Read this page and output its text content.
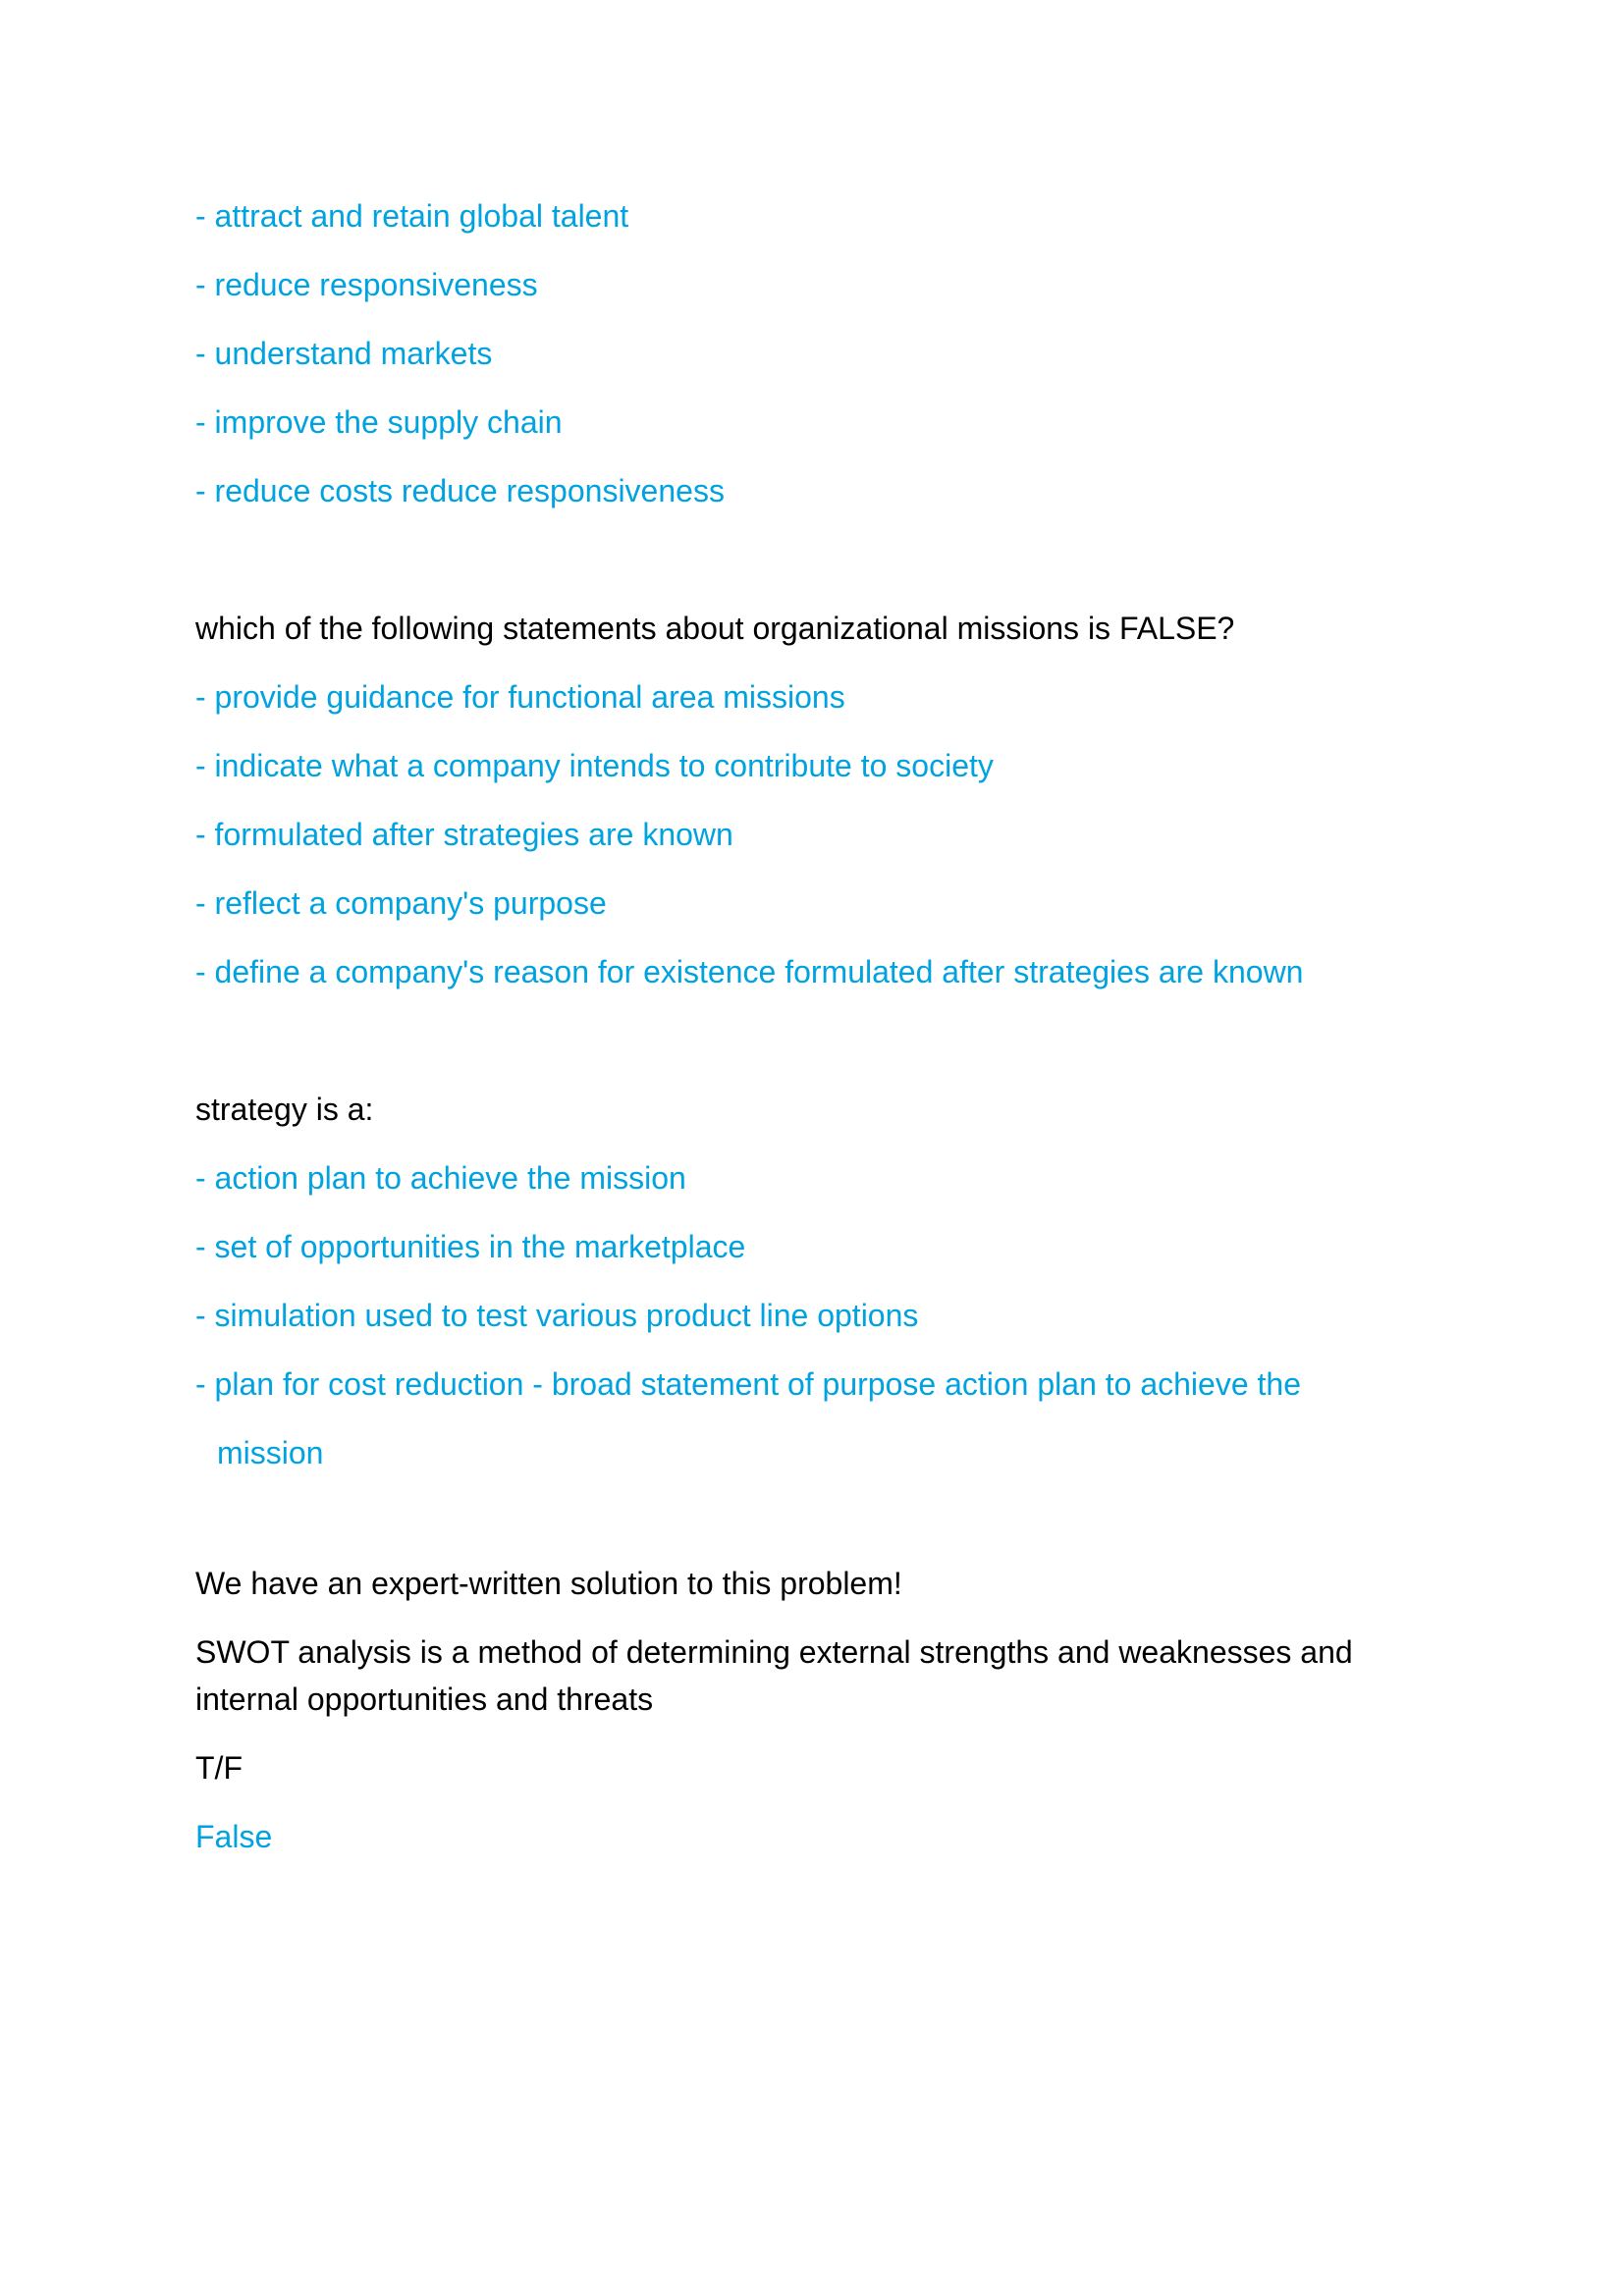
- attract and retain global talent
- reduce responsiveness
- understand markets
- improve the supply chain
- reduce costs reduce responsiveness
which of the following statements about organizational missions is FALSE?
- provide guidance for functional area missions
- indicate what a company intends to contribute to society
- formulated after strategies are known
- reflect a company's purpose
- define a company's reason for existence formulated after strategies are known
strategy is a:
- action plan to achieve the mission
- set of opportunities in the marketplace
- simulation used to test various product line options
- plan for cost reduction - broad statement of purpose action plan to achieve the mission
We have an expert-written solution to this problem!
SWOT analysis is a method of determining external strengths and weaknesses and internal opportunities and threats
T/F
False
